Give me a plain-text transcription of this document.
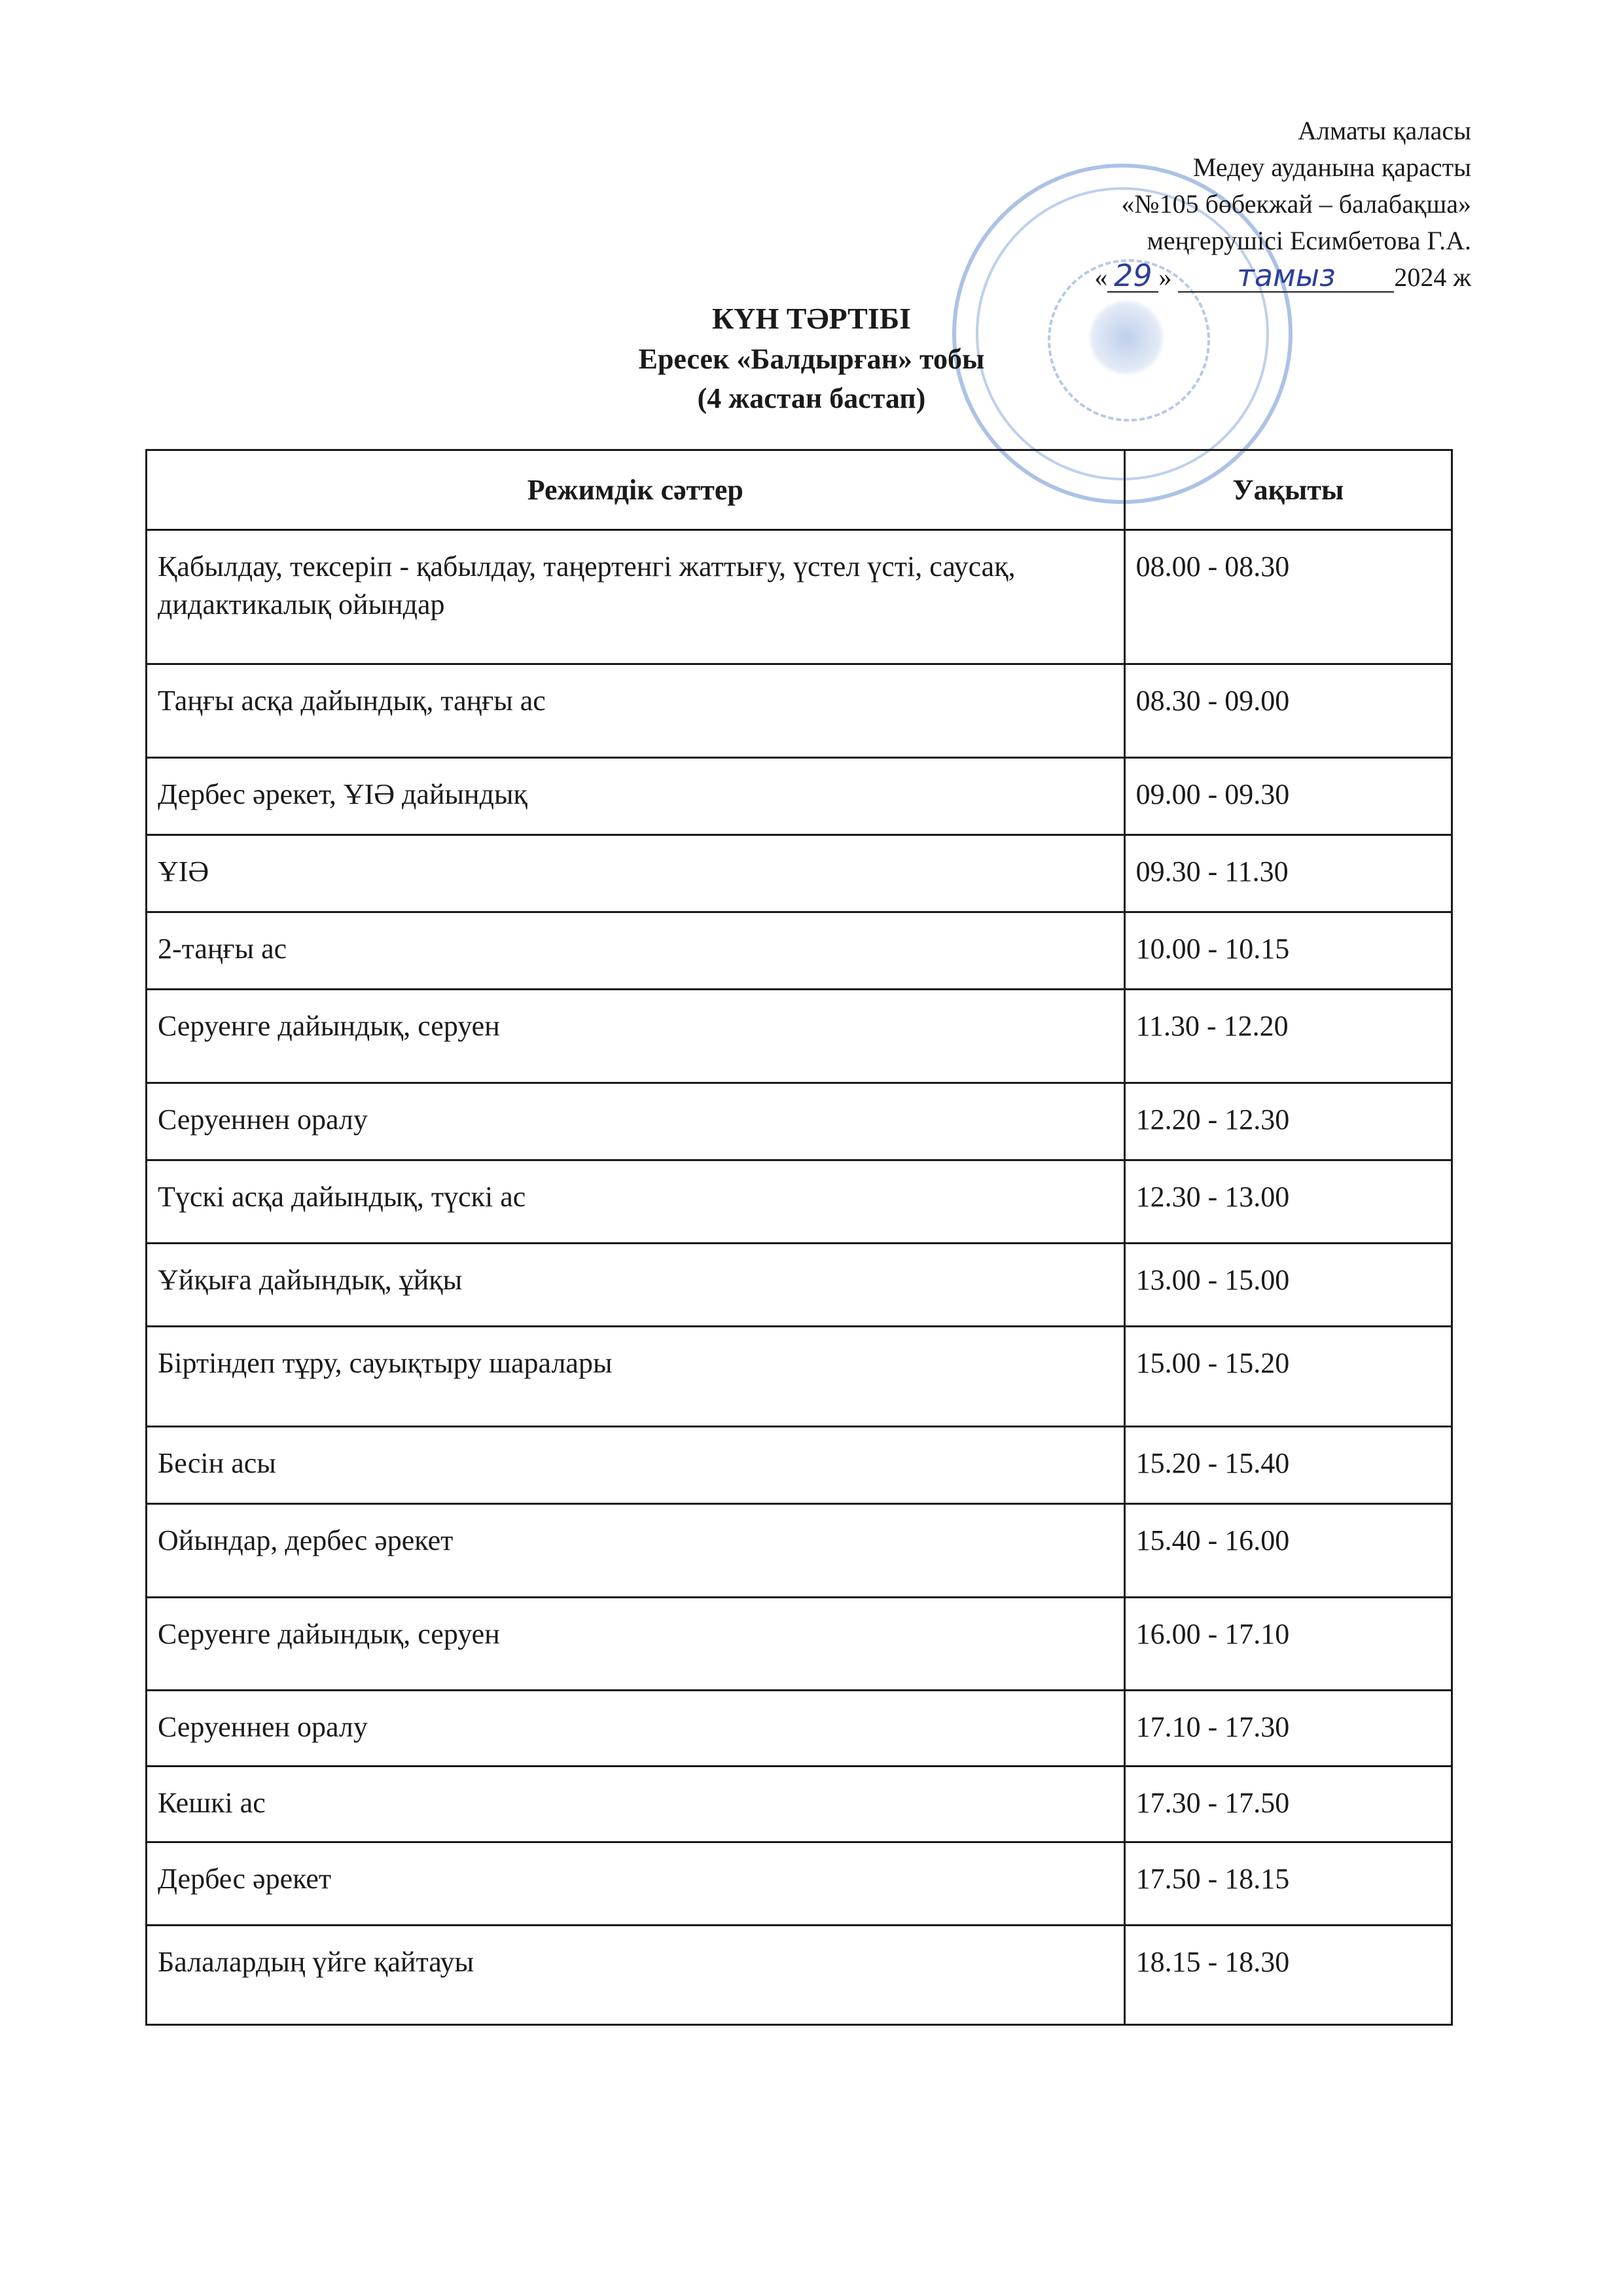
Алматы қаласы
Медеу ауданына қарасты
«№105 бөбекжай – балабақша»
меңгерушісі Есимбетова Г.А.
« 29 »	тамыз	2024 ж
КҮН ТӘРТІБІ
Ересек «Балдырған» тобы
(4 жастан бастап)
Режимдік сәттер	Уақыты
Қабылдау, тексеріп - қабылдау, таңертенгі жаттығу, үстел үсті, саусақ, дидактикалық ойындар	08.00 - 08.30
Таңғы асқа дайындық, таңғы ас	08.30 - 09.00
Дербес әрекет, ҰІӘ дайындық	09.00 - 09.30
ҰІӘ	09.30 - 11.30
2-таңғы ас	10.00 - 10.15
Серуенге дайындық, серуен	11.30 - 12.20
Серуеннен оралу	12.20 - 12.30
Түскі асқа дайындық, түскі ас	12.30 - 13.00
Ұйқыға дайындық, ұйқы	13.00 - 15.00
Біртіндеп тұру, сауықтыру шаралары	15.00 - 15.20
Бесін асы	15.20 - 15.40
Ойындар, дербес әрекет	15.40 - 16.00
Серуенге дайындық, серуен	16.00 - 17.10
Серуеннен оралу	17.10 - 17.30
Кешкі ас	17.30 - 17.50
Дербес әрекет	17.50 - 18.15
Балалардың үйге қайтауы	18.15 - 18.30
